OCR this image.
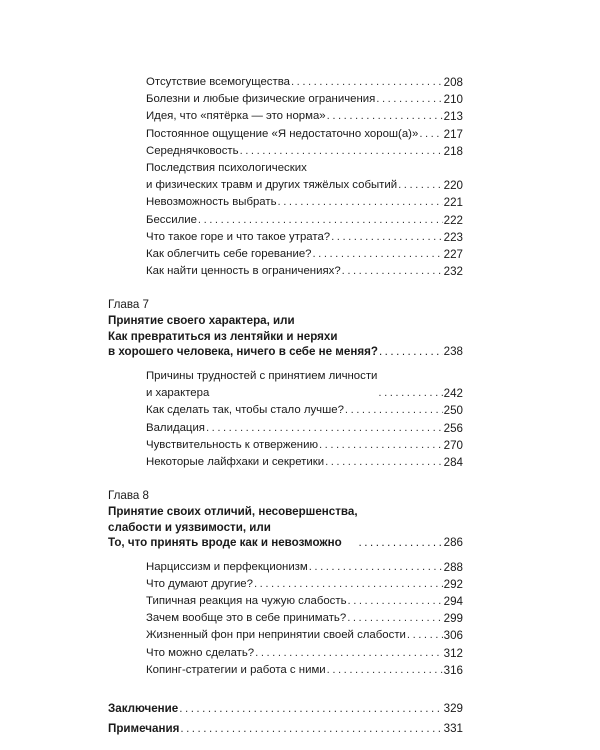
Отсутствие всемогущества .....	208
Болезни и любые физические ограничения .....	210
Идея, что «пятёрка — это норма» .....	213
Постоянное ощущение «Я недостаточно хорош(а)» ..... 217
Середнячковость .....	218
Последствия психологических
и физических травм и других тяжёлых событий .....	220
Невозможность выбрать .....	221
Бессилие .....	222
Что такое горе и что такое утрата? .....	223
Как облегчить себе горевание? .....	227
Как найти ценность в ограничениях? .....	232
Глава 7
Принятие своего характера, или
Как превратиться из лентяйки и неряхи
в хорошего человека, ничего в себе не меняя? .....	238
Причины трудностей с принятием личности
и характера .....	242
Как сделать так, чтобы стало лучше? .....	250
Валидация .....	256
Чувствительность к отвержению .....	270
Некоторые лайфхаки и секретики .....	284
Глава 8
Принятие своих отличий, несовершенства,
слабости и уязвимости, или
То, что принять вроде как и невозможно .....	286
Нарциссизм и перфекционизм .....	288
Что думают другие? .....	292
Типичная реакция на чужую слабость .....	294
Зачем вообще это в себе принимать? .....	299
Жизненный фон при непринятии своей слабости .....	306
Что можно сделать? .....	312
Копинг-стратегии и работа с ними .....	316
Заключение .....	329
Примечания .....	331
